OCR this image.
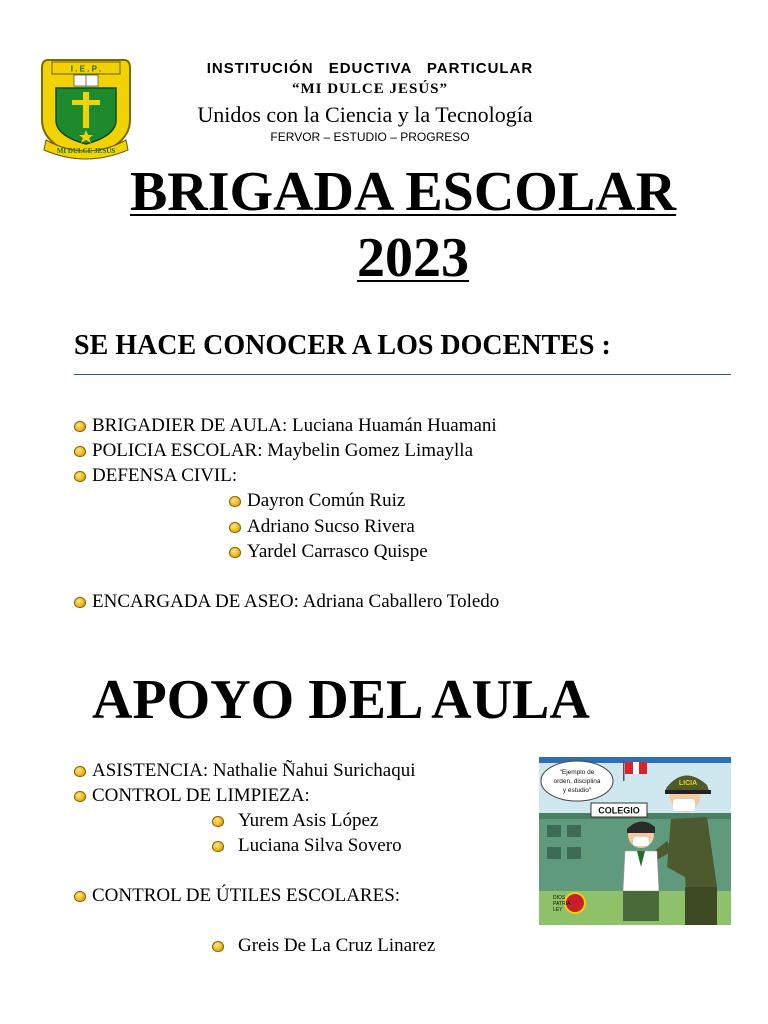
I . E . P .
MI DULCE JESÚS
INSTITUCIÓN EDUCTIVA PARTICULAR
“MI DULCE JESÚS”
Unidos con la Ciencia y la Tecnología
FERVOR – ESTUDIO – PROGRESO
BRIGADA ESCOLAR
2023
SE HACE CONOCER A LOS DOCENTES :
BRIGADIER DE AULA: Luciana Huamán Huamani
POLICIA ESCOLAR: Maybelin Gomez Limaylla
DEFENSA CIVIL:
Dayron Común Ruiz
Adriano Sucso Rivera
Yardel Carrasco Quispe
ENCARGADA DE ASEO: Adriana Caballero Toledo
APOYO DEL AULA
ASISTENCIA: Nathalie Ñahui Surichaqui
CONTROL DE LIMPIEZA:
Yurem Asis López
Luciana Silva Sovero
CONTROL DE ÚTILES ESCOLARES:
Greis De La Cruz Linarez
COLEGIO
"Ejemplo de
orden, disciplina
y estudio"
LICIA
DIOS
PATRIA
LEY
